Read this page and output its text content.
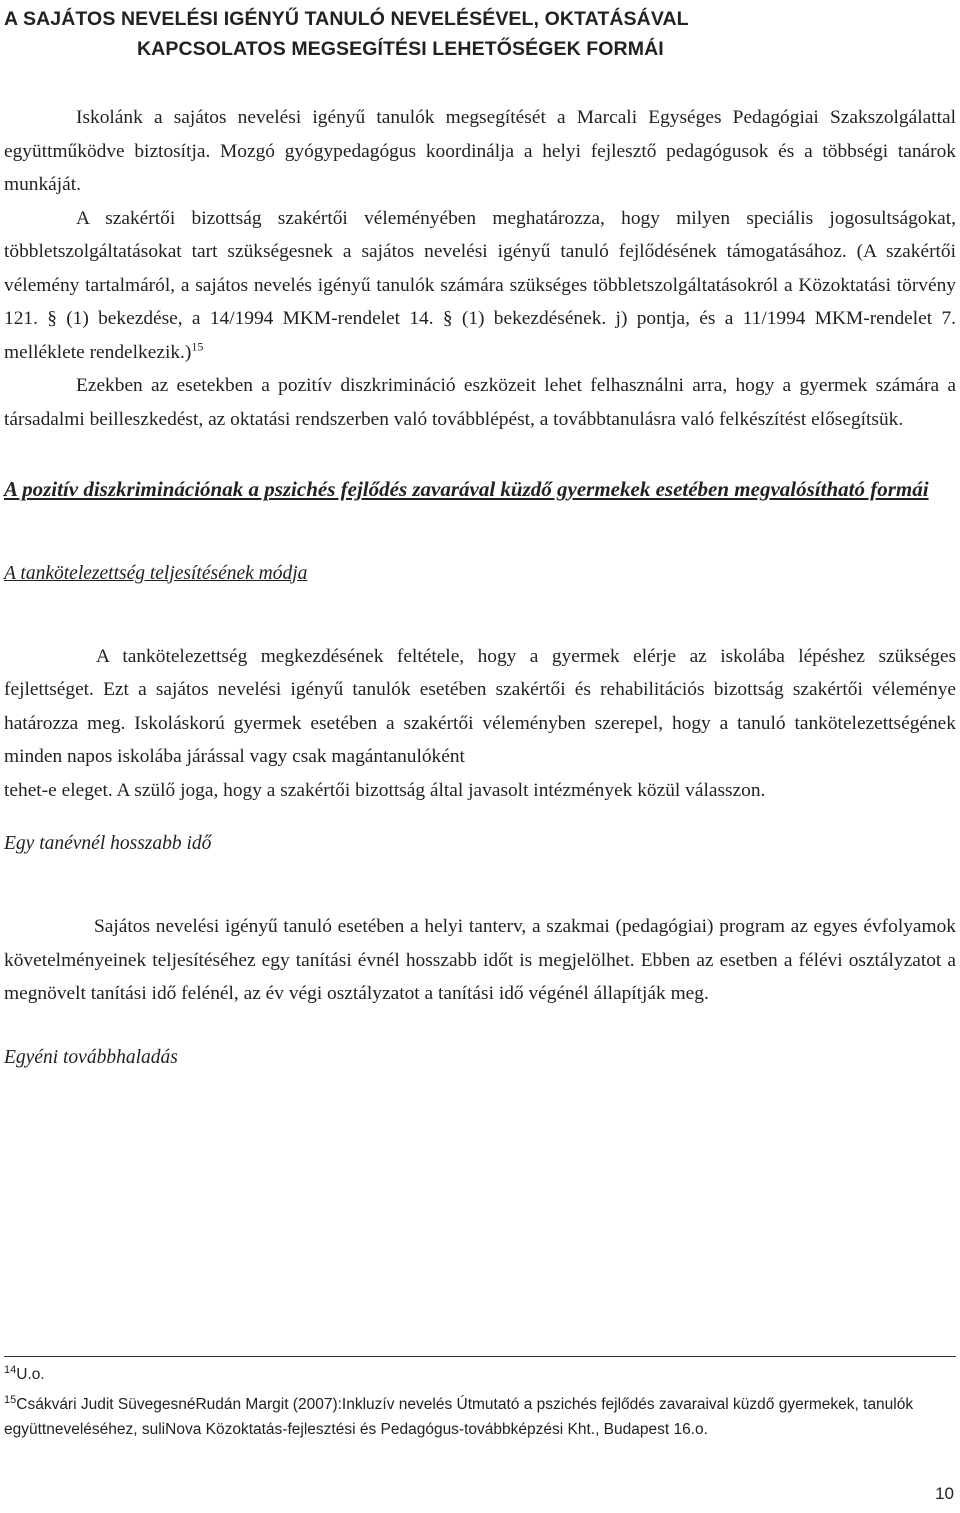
A SAJÁTOS NEVELÉSI IGÉNYŰ TANULÓ NEVELÉSÉVEL, OKTATÁSÁVAL
KAPCSOLATOS MEGSEGÍTÉSI LEHETŐSÉGEK FORMÁI

Iskolánk a sajátos nevelési igényű tanulók megsegítését a Marcali Egységes Pedagógiai Szakszolgálattal együttműködve biztosítja. Mozgó gyógypedagógus koordinálja a helyi fejlesztő pedagógusok és a többségi tanárok munkáját.

A szakértői bizottság szakértői véleményében meghatározza, hogy milyen speciális jogosultságokat, többletszolgáltatásokat tart szükségesnek a sajátos nevelési igényű tanuló fejlődésének támogatásához. (A szakértői vélemény tartalmáról, a sajátos nevelés igényű tanulók számára szükséges többletszolgáltatásokról a Közoktatási törvény 121. § (1) bekezdése, a 14/1994 MKM-rendelet 14. § (1) bekezdésének. j) pontja, és a 11/1994 MKM-rendelet 7. melléklete rendelkezik.)$^{15}$

Ezekben az esetekben a pozitív diszkrimináció eszközeit lehet felhasználni arra, hogy a gyermek számára a társadalmi beilleszkedést, az oktatási rendszerben való továbblépést, a továbbtanulásra való felkészítést elősegítsük.

A pozitív diszkriminációnak a pszichés fejlődés zavarával küzdő gyermekek esetében megvalósítható formái

A tankötelezettség teljesítésének módja

A tankötelezettség megkezdésének feltétele, hogy a gyermek elérje az iskolába lépéshez szükséges fejlettséget. Ezt a sajátos nevelési igényű tanulók esetében szakértői és rehabilitációs bizottság szakértői véleménye határozza meg. Iskoláskorú gyermek esetében a szakértői véleményben szerepel, hogy a tanuló tankötelezettségének minden napos iskolába járással vagy csak magántanulóként

tehet-e eleget. A szülő joga, hogy a szakértői bizottság által javasolt intézmények közül válasszon.

Egy tanévnél hosszabb idő

Sajátos nevelési igényű tanuló esetében a helyi tanterv, a szakmai (pedagógiai) program az egyes évfolyamok követelményeinek teljesítéséhez egy tanítási évnél hosszabb időt is megjelölhet. Ebben az esetben a félévi osztályzatot a megnövelt tanítási idő felénél, az év végi osztályzatot a tanítási idő végénél állapítják meg.

Egyéni továbbhaladás

$^{14}$U.o.
$^{15}$Csákvári Judit SüvegesnéRudán Margit (2007):Inkluzív nevelés Útmutató a pszichés fejlődés zavaraival küzdő gyermekek, tanulók együttneveléséhez, suliNova Közoktatás-fejlesztési és Pedagógus-továbbképzési Kht., Budapest 16.o.
10
